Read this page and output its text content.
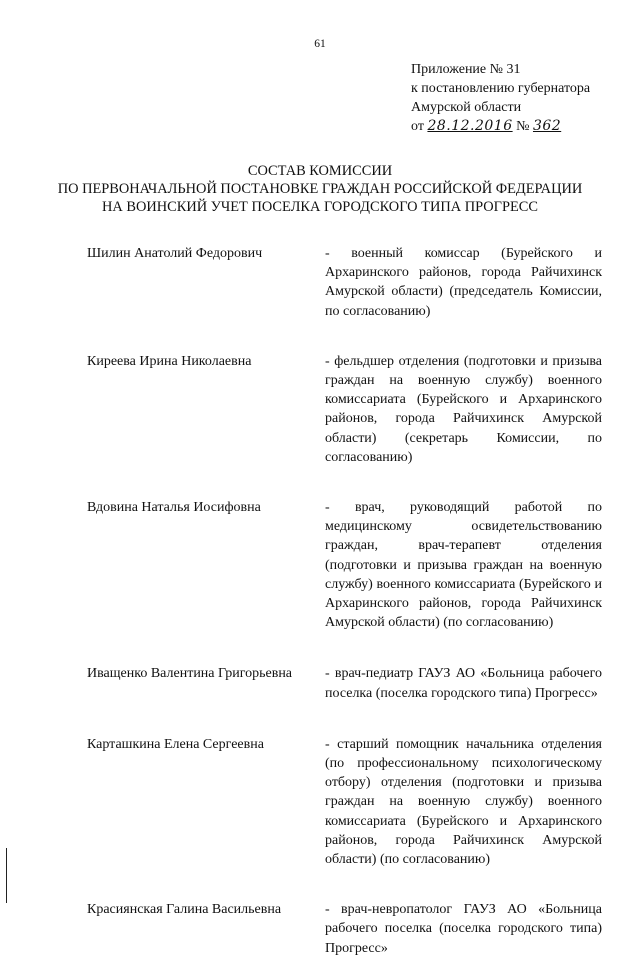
61
Приложение № 31
к постановлению губернатора
Амурской области
от 28.12.2016 № 362
СОСТАВ КОМИССИИ
ПО ПЕРВОНАЧАЛЬНОЙ ПОСТАНОВКЕ ГРАЖДАН РОССИЙСКОЙ ФЕДЕРАЦИИ
НА ВОИНСКИЙ УЧЕТ ПОСЕЛКА ГОРОДСКОГО ТИПА ПРОГРЕСС
Шилин Анатолий Федорович	- военный комиссар (Бурейского и Архаринского районов, города Райчихинск Амурской области) (председатель Комиссии, по согласованию)
Киреева Ирина Николаевна	- фельдшер отделения (подготовки и призыва граждан на военную службу) военного комиссариата (Бурейского и Архаринского районов, города Райчихинск Амурской области) (секретарь Комиссии, по согласованию)
Вдовина Наталья Иосифовна	- врач, руководящий работой по медицинскому освидетельствованию граждан, врач-терапевт отделения (подготовки и призыва граждан на военную службу) военного комиссариата (Бурейского и Архаринского районов, города Райчихинск Амурской области) (по согласованию)
Иващенко Валентина Григорьевна	- врач-педиатр ГАУЗ АО «Больница рабочего поселка (поселка городского типа) Прогресс»
Карташкина Елена Сергеевна	- старший помощник начальника отделения (по профессиональному психологическому отбору) отделения (подготовки и призыва граждан на военную службу) военного комиссариата (Бурейского и Архаринского районов, города Райчихинск Амурской области) (по согласованию)
Красиянская Галина Васильевна	- врач-невропатолог ГАУЗ АО «Больница рабочего поселка (поселка городского типа) Прогресс»
